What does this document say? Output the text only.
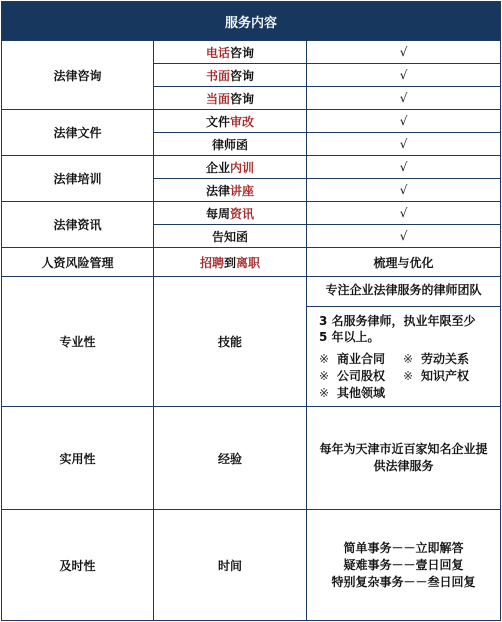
服务内容		
法律咨询	电话咨询	√
	书面咨询	√
	当面咨询	√
法律文件	文件审改	√
	律师函	√
法律培训	企业内训	√
	法律讲座	√
法律资讯	每周资讯	√
	告知函	√
人资风险管理	招聘到离职	梳理与优化
专业性	技能	专注企业法律服务的律师团队
3 名服务律师，执业年限至少 5 年以上。
※ 商业合同 ※ 劳动关系
※ 公司股权 ※ 知识产权
※ 其他领域

实用性	经验	每年为天津市近百家知名企业提供法律服务
及时性	时间	简单事务－－立即解答
疑难事务－－壹日回复
特别复杂事务－－叁日回复
